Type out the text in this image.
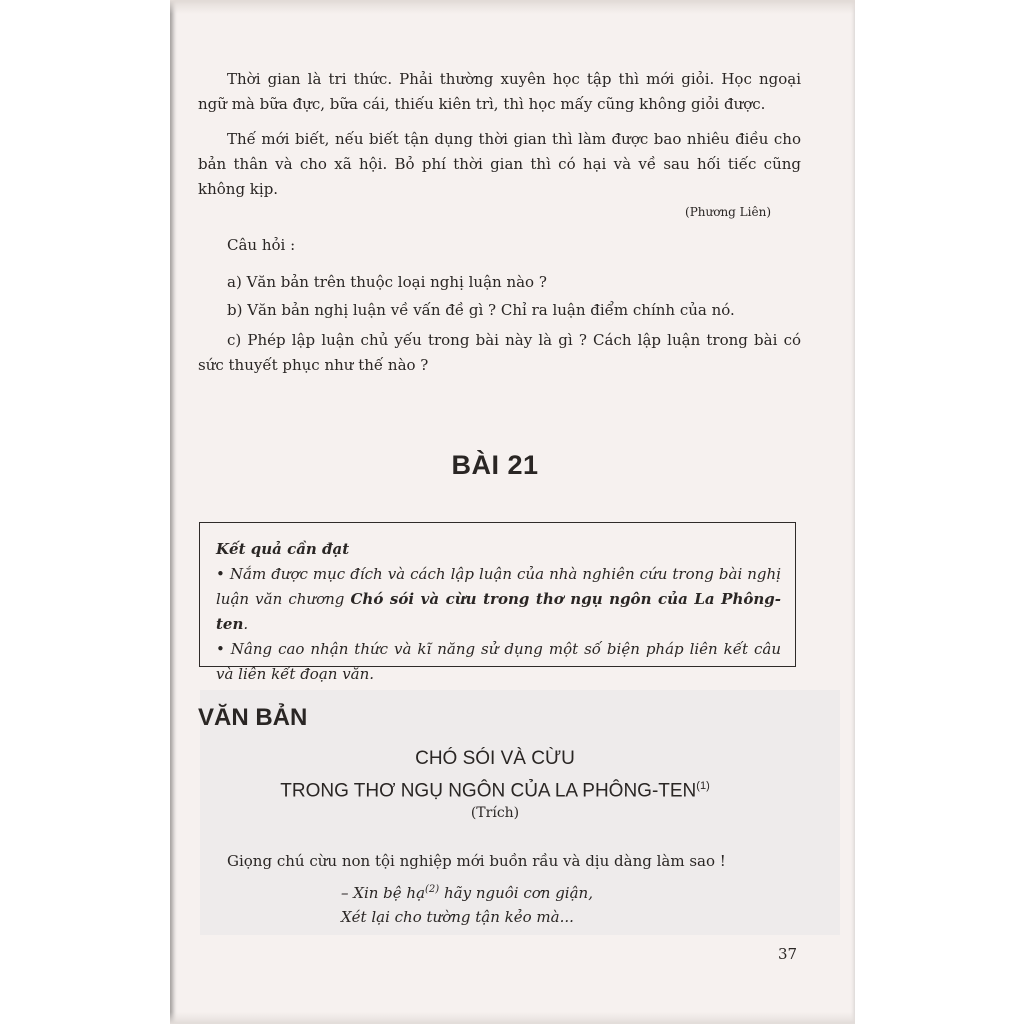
Thời gian là tri thức. Phải thường xuyên học tập thì mới giỏi. Học ngoại ngữ mà bữa đực, bữa cái, thiếu kiên trì, thì học mấy cũng không giỏi được.

Thế mới biết, nếu biết tận dụng thời gian thì làm được bao nhiêu điều cho bản thân và cho xã hội. Bỏ phí thời gian thì có hại và về sau hối tiếc cũng không kịp.

(Phương Liên)

Câu hỏi :

a) Văn bản trên thuộc loại nghị luận nào ?

b) Văn bản nghị luận về vấn đề gì ? Chỉ ra luận điểm chính của nó.

c) Phép lập luận chủ yếu trong bài này là gì ? Cách lập luận trong bài có sức thuyết phục như thế nào ?

BÀI 21

Kết quả cần đạt

• Nắm được mục đích và cách lập luận của nhà nghiên cứu trong bài nghị luận văn chương Chó sói và cừu trong thơ ngụ ngôn của La Phông-ten.

• Nâng cao nhận thức và kĩ năng sử dụng một số biện pháp liên kết câu và liên kết đoạn văn.

VĂN BẢN

CHÓ SÓI VÀ CỪU

TRONG THƠ NGỤ NGÔN CỦA LA PHÔNG-TEN$^{(1)}$

(Trích)

Giọng chú cừu non tội nghiệp mới buồn rầu và dịu dàng làm sao !

– Xin bệ hạ$^{(2)}$ hãy nguôi cơn giận,

Xét lại cho tường tận kẻo mà...

37
